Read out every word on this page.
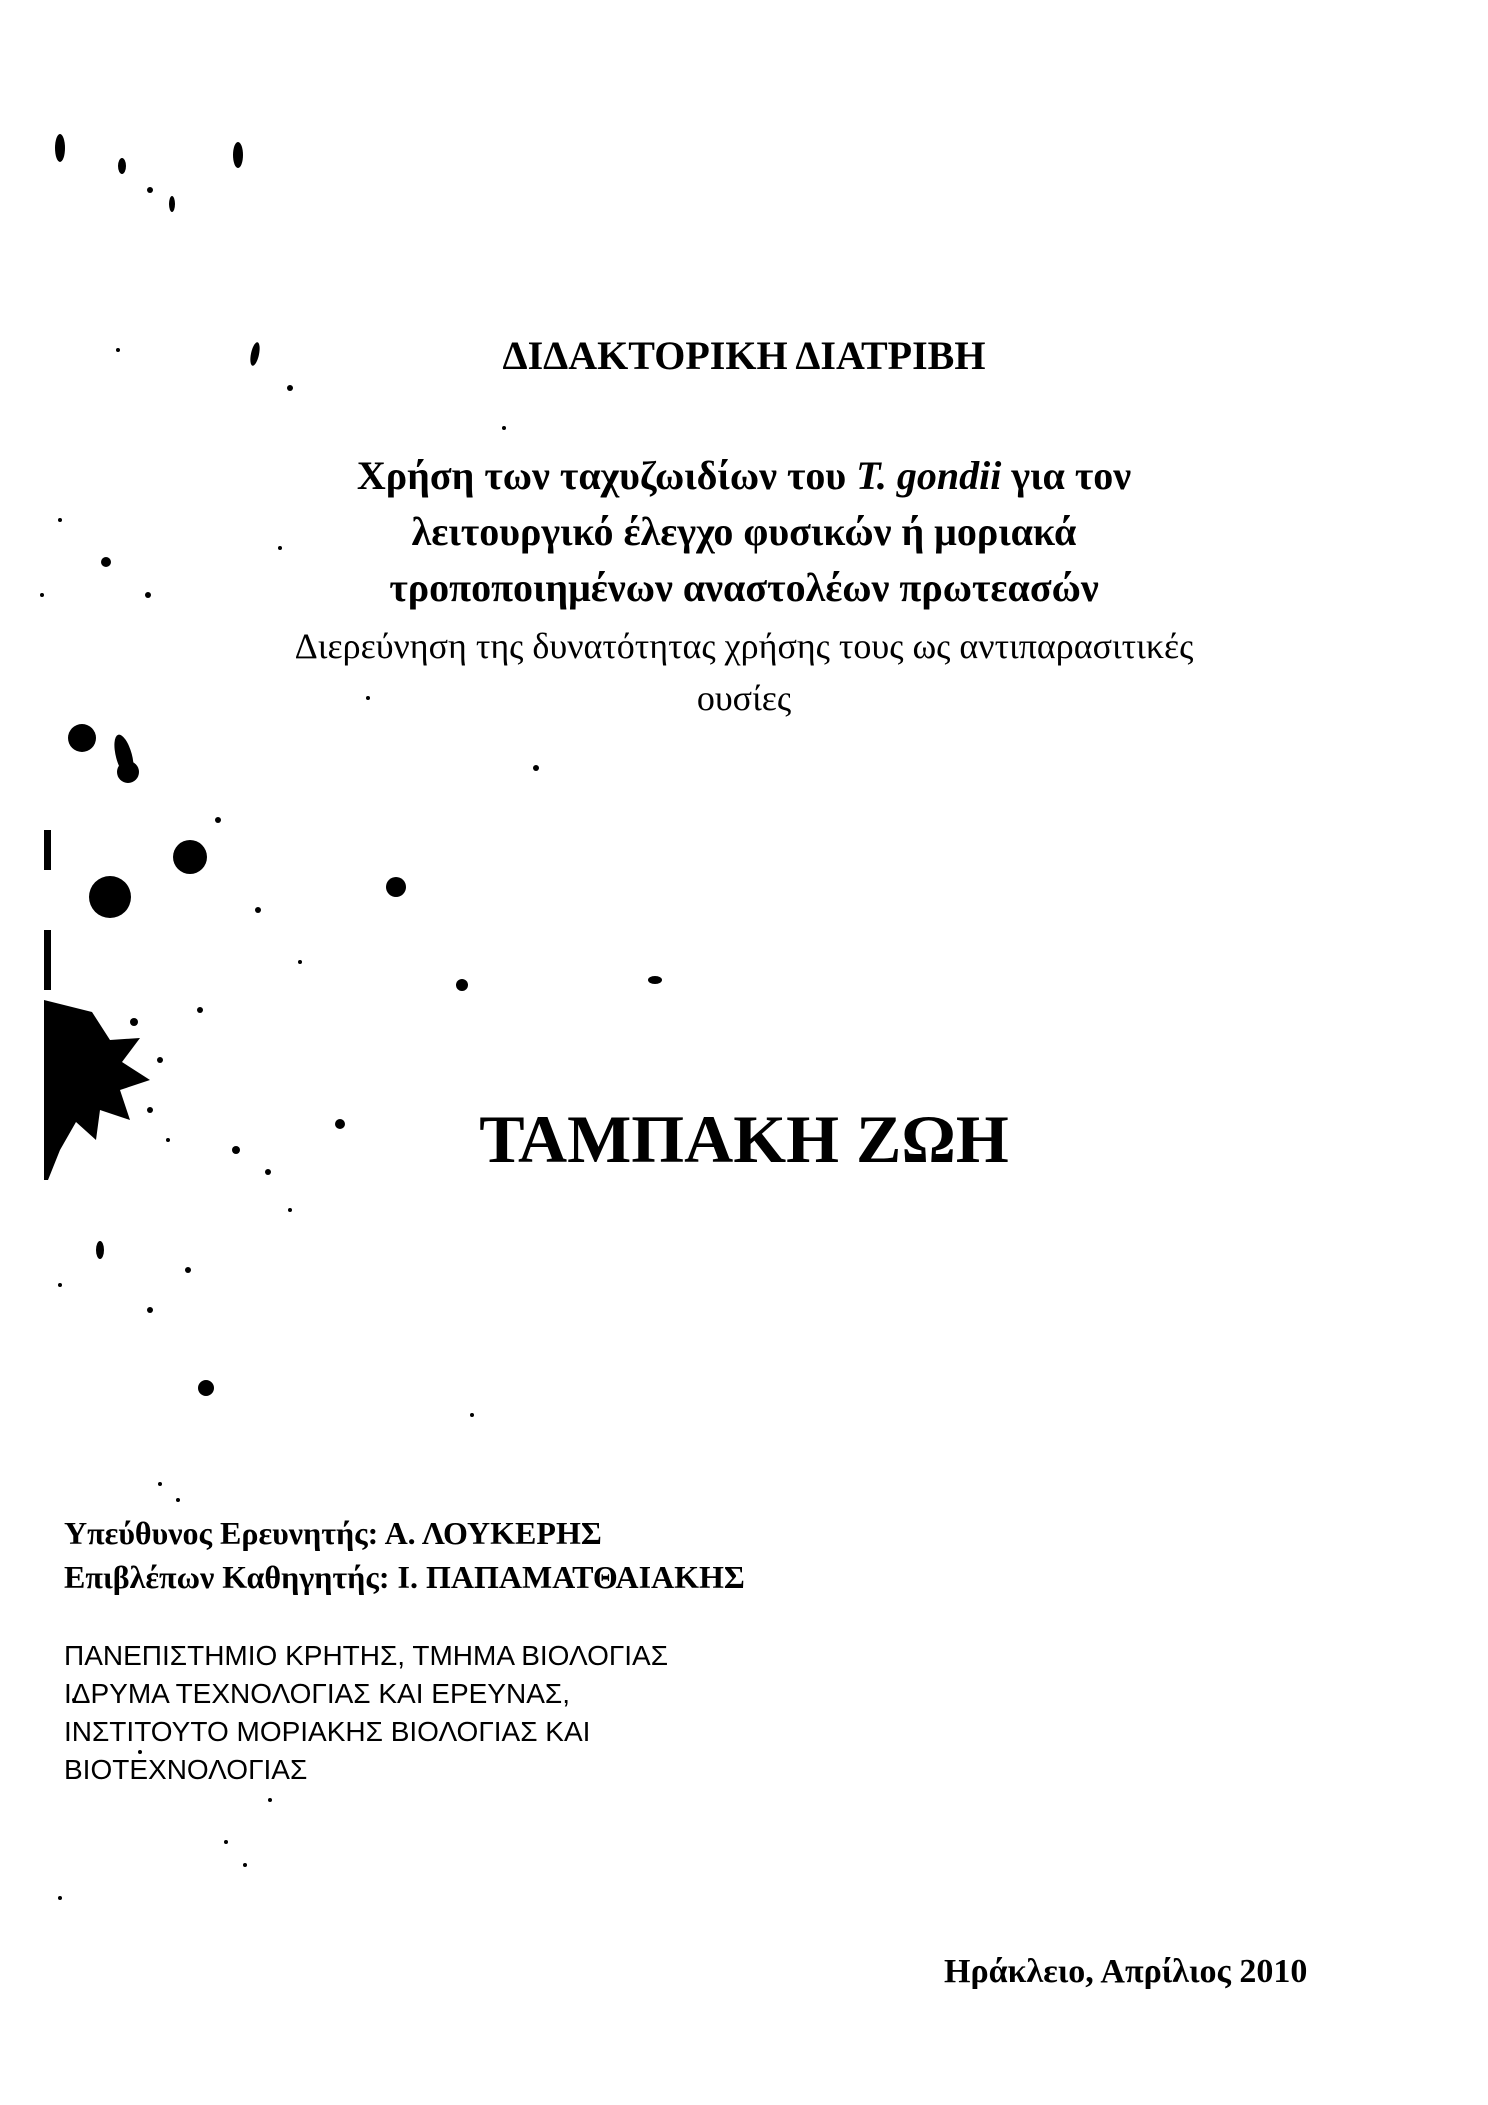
ΔΙΔΑΚΤΟΡΙΚΗ ΔΙΑΤΡΙΒΗ
Χρήση των ταχυζωιδίων του T. gondii για τον
λειτουργικό έλεγχο φυσικών ή μοριακά
τροποποιημένων αναστολέων πρωτεασών
Διερεύνηση της δυνατότητας χρήσης τους ως αντιπαρασιτικές
ουσίες
ΤΑΜΠΑΚΗ ΖΩΗ
Υπεύθυνος Ερευνητής: Α. ΛΟΥΚΕΡΗΣ
Επιβλέπων Καθηγητής: Ι. ΠΑΠΑΜΑΤΘΑΙΑΚΗΣ
ΠΑΝΕΠΙΣΤΗΜΙΟ ΚΡΗΤΗΣ, ΤΜΗΜΑ ΒΙΟΛΟΓΙΑΣ
ΙΔΡΥΜΑ ΤΕΧΝΟΛΟΓΙΑΣ ΚΑΙ ΕΡΕΥΝΑΣ,
ΙΝΣΤΙΤΟΥΤΟ ΜΟΡΙΑΚΗΣ ΒΙΟΛΟΓΙΑΣ ΚΑΙ
ΒΙΟΤΕΧΝΟΛΟΓΙΑΣ
Ηράκλειο, Απρίλιος 2010
